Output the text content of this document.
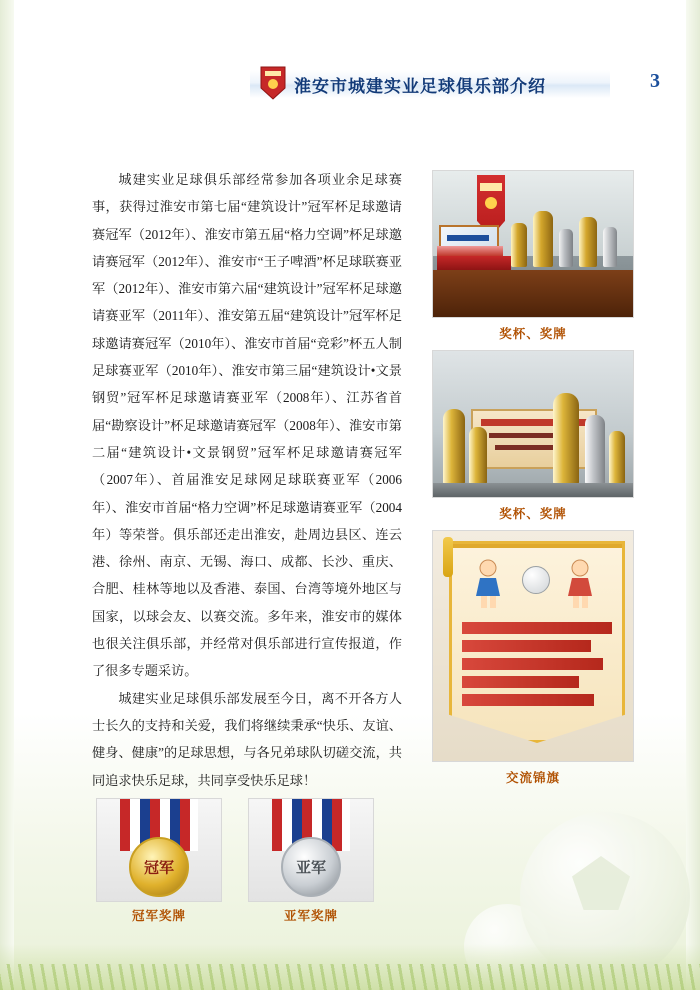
淮安市城建实业足球俱乐部介绍	3

城建实业足球俱乐部经常参加各项业余足球赛事，获得过淮安市第七届“建筑设计”冠军杯足球邀请赛冠军（2012年）、淮安市第五届“格力空调”杯足球邀请赛冠军（2012年）、淮安市“王子啤酒”杯足球联赛亚军（2012年）、淮安市第六届“建筑设计”冠军杯足球邀请赛亚军（2011年）、淮安第五届“建筑设计”冠军杯足球邀请赛冠军（2010年）、淮安市首届“竞彩”杯五人制足球赛亚军（2010年）、淮安市第三届“建筑设计•文景钢贸”冠军杯足球邀请赛亚军（2008年）、江苏省首届“勘察设计”杯足球邀请赛冠军（2008年）、淮安市第二届“建筑设计•文景钢贸”冠军杯足球邀请赛冠军（2007年）、首届淮安足球网足球联赛亚军（2006年）、淮安市首届“格力空调”杯足球邀请赛亚军（2004年）等荣誉。俱乐部还走出淮安，赴周边县区、连云港、徐州、南京、无锡、海口、成都、长沙、重庆、合肥、桂林等地以及香港、泰国、台湾等境外地区与国家，以球会友、以赛交流。多年来，淮安市的媒体也很关注俱乐部，并经常对俱乐部进行宣传报道，作了很多专题采访。

城建实业足球俱乐部发展至今日，离不开各方人士长久的支持和关爱，我们将继续秉承“快乐、友谊、健身、健康”的足球思想，与各兄弟球队切磋交流，共同追求快乐足球，共同享受快乐足球！

奖杯、奖牌
奖杯、奖牌
交流锦旗
冠军
冠军奖牌
亚军
亚军奖牌
